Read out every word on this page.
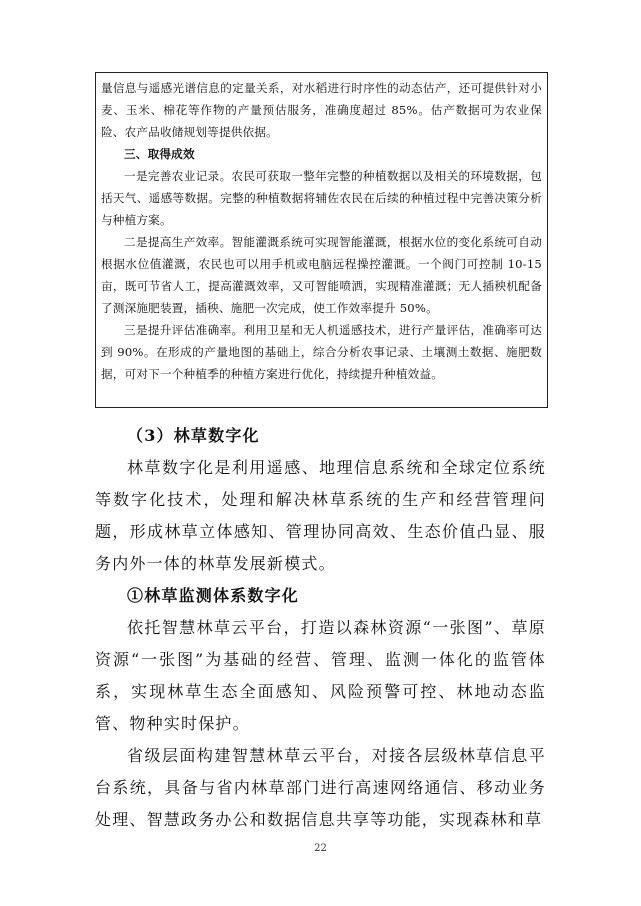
量信息与遥感光谱信息的定量关系，对水稻进行时序性的动态估产，还可提供针对小麦、玉米、棉花等作物的产量预估服务，准确度超过 85%。估产数据可为农业保险、农产品收储规划等提供依据。

三、取得成效

一是完善农业记录。农民可获取一整年完整的种植数据以及相关的环境数据，包括天气、遥感等数据。完整的种植数据将辅佐农民在后续的种植过程中完善决策分析与种植方案。

二是提高生产效率。智能灌溉系统可实现智能灌溉，根据水位的变化系统可自动根据水位值灌溉，农民也可以用手机或电脑远程操控灌溉。一个阀门可控制 10-15 亩，既可节省人工，提高灌溉效率，又可智能喷洒，实现精准灌溉；无人插秧机配备了测深施肥装置，插秧、施肥一次完成，使工作效率提升 50%。

三是提升评估准确率。利用卫星和无人机遥感技术，进行产量评估，准确率可达到 90%。在形成的产量地图的基础上，综合分析农事记录、土壤测土数据、施肥数据，可对下一个种植季的种植方案进行优化，持续提升种植效益。

（3）林草数字化

林草数字化是利用遥感、地理信息系统和全球定位系统等数字化技术，处理和解决林草系统的生产和经营管理问题，形成林草立体感知、管理协同高效、生态价值凸显、服务内外一体的林草发展新模式。

①林草监测体系数字化

依托智慧林草云平台，打造以森林资源“一张图”、草原资源“一张图”为基础的经营、管理、监测一体化的监管体系，实现林草生态全面感知、风险预警可控、林地动态监管、物种实时保护。

省级层面构建智慧林草云平台，对接各层级林草信息平台系统，具备与省内林草部门进行高速网络通信、移动业务处理、智慧政务办公和数据信息共享等功能，实现森林和草

22
